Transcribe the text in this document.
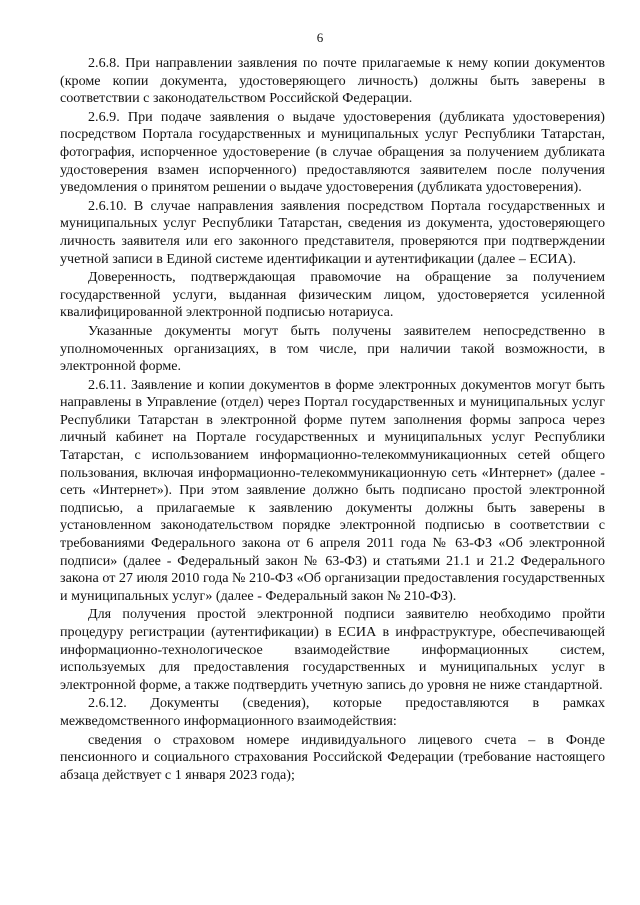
6

2.6.8. При направлении заявления по почте прилагаемые к нему копии документов (кроме копии документа, удостоверяющего личность) должны быть заверены в соответствии с законодательством Российской Федерации.

2.6.9. При подаче заявления о выдаче удостоверения (дубликата удостоверения) посредством Портала государственных и муниципальных услуг Республики Татарстан, фотография, испорченное удостоверение (в случае обращения за получением дубликата удостоверения взамен испорченного) предоставляются заявителем после получения уведомления о принятом решении о выдаче удостоверения (дубликата удостоверения).

2.6.10. В случае направления заявления посредством Портала государственных и муниципальных услуг Республики Татарстан, сведения из документа, удостоверяющего личность заявителя или его законного представителя, проверяются при подтверждении учетной записи в Единой системе идентификации и аутентификации (далее – ЕСИА).

Доверенность, подтверждающая правомочие на обращение за получением государственной услуги, выданная физическим лицом, удостоверяется усиленной квалифицированной электронной подписью нотариуса.

Указанные документы могут быть получены заявителем непосредственно в уполномоченных организациях, в том числе, при наличии такой возможности, в электронной форме.

2.6.11. Заявление и копии документов в форме электронных документов могут быть направлены в Управление (отдел) через Портал государственных и муниципальных услуг Республики Татарстан в электронной форме путем заполнения формы запроса через личный кабинет на Портале государственных и муниципальных услуг Республики Татарстан, с использованием информационно-телекоммуникационных сетей общего пользования, включая информационно-телекоммуникационную сеть «Интернет» (далее - сеть «Интернет»). При этом заявление должно быть подписано простой электронной подписью, а прилагаемые к заявлению документы должны быть заверены в установленном законодательством порядке электронной подписью в соответствии с требованиями Федерального закона от 6 апреля 2011 года № 63-ФЗ «Об электронной подписи» (далее - Федеральный закон № 63-ФЗ) и статьями 21.1 и 21.2 Федерального закона от 27 июля 2010 года № 210-ФЗ «Об организации предоставления государственных и муниципальных услуг» (далее - Федеральный закон № 210-ФЗ).

Для получения простой электронной подписи заявителю необходимо пройти процедуру регистрации (аутентификации) в ЕСИА в инфраструктуре, обеспечивающей информационно-технологическое взаимодействие информационных систем, используемых для предоставления государственных и муниципальных услуг в электронной форме, а также подтвердить учетную запись до уровня не ниже стандартной.

2.6.12. Документы (сведения), которые предоставляются в рамках межведомственного информационного взаимодействия:

сведения о страховом номере индивидуального лицевого счета – в Фонде пенсионного и социального страхования Российской Федерации (требование настоящего абзаца действует с 1 января 2023 года);
